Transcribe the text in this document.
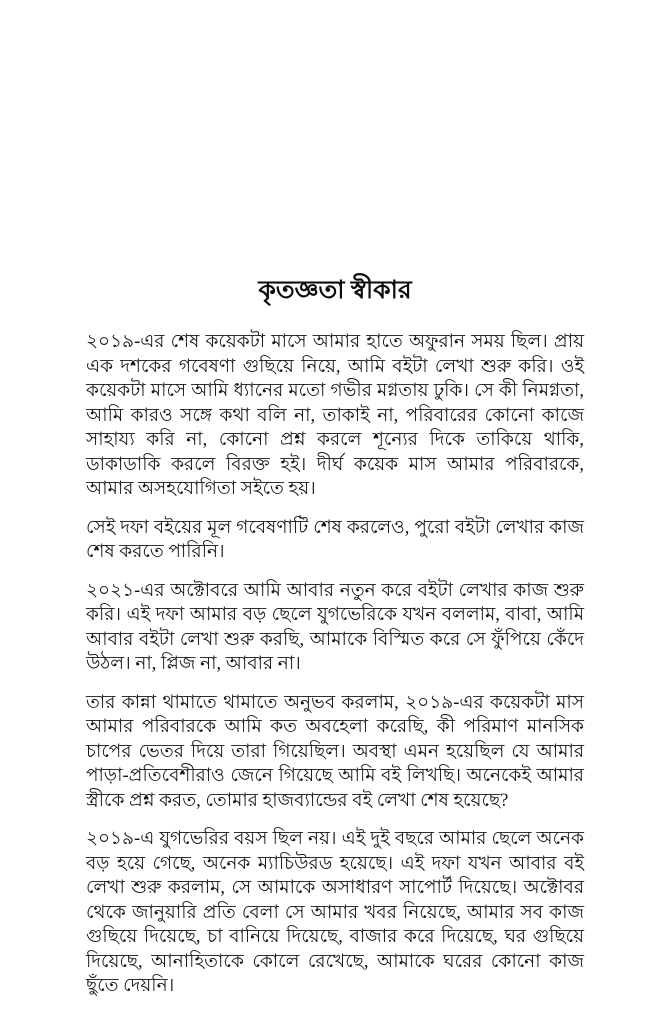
কৃতজ্ঞতা স্বীকার

২০১৯-এর শেষ কয়েকটা মাসে আমার হাতে অফুরান সময় ছিল। প্রায় এক দশকের গবেষণা গুছিয়ে নিয়ে, আমি বইটা লেখা শুরু করি। ওই কয়েকটা মাসে আমি ধ্যানের মতো গভীর মগ্নতায় ঢুকি। সে কী নিমগ্নতা, আমি কারও সঙ্গে কথা বলি না, তাকাই না, পরিবারের কোনো কাজে সাহায্য করি না, কোনো প্রশ্ন করলে শূন্যের দিকে তাকিয়ে থাকি, ডাকাডাকি করলে বিরক্ত হই। দীর্ঘ কয়েক মাস আমার পরিবারকে, আমার অসহযোগিতা সইতে হয়।

সেই দফা বইয়ের মূল গবেষণাটি শেষ করলেও, পুরো বইটা লেখার কাজ শেষ করতে পারিনি।

২০২১-এর অক্টোবরে আমি আবার নতুন করে বইটা লেখার কাজ শুরু করি। এই দফা আমার বড় ছেলে যুগভেরিকে যখন বললাম, বাবা, আমি আবার বইটা লেখা শুরু করছি, আমাকে বিস্মিত করে সে ফুঁপিয়ে কেঁদে উঠল। না, প্লিজ না, আবার না।

তার কান্না থামাতে থামাতে অনুভব করলাম, ২০১৯-এর কয়েকটা মাস আমার পরিবারকে আমি কত অবহেলা করেছি, কী পরিমাণ মানসিক চাপের ভেতর দিয়ে তারা গিয়েছিল। অবস্থা এমন হয়েছিল যে আমার পাড়া-প্রতিবেশীরাও জেনে গিয়েছে আমি বই লিখছি। অনেকেই আমার স্ত্রীকে প্রশ্ন করত, তোমার হাজব্যান্ডের বই লেখা শেষ হয়েছে?

২০১৯-এ যুগভেরির বয়স ছিল নয়। এই দুই বছরে আমার ছেলে অনেক বড় হয়ে গেছে, অনেক ম্যাচিউরড হয়েছে। এই দফা যখন আবার বই লেখা শুরু করলাম, সে আমাকে অসাধারণ সাপোর্ট দিয়েছে। অক্টোবর থেকে জানুয়ারি প্রতি বেলা সে আমার খবর নিয়েছে, আমার সব কাজ গুছিয়ে দিয়েছে, চা বানিয়ে দিয়েছে, বাজার করে দিয়েছে, ঘর গুছিয়ে দিয়েছে, আনাহিতাকে কোলে রেখেছে, আমাকে ঘরের কোনো কাজ ছুঁতে দেয়নি।
